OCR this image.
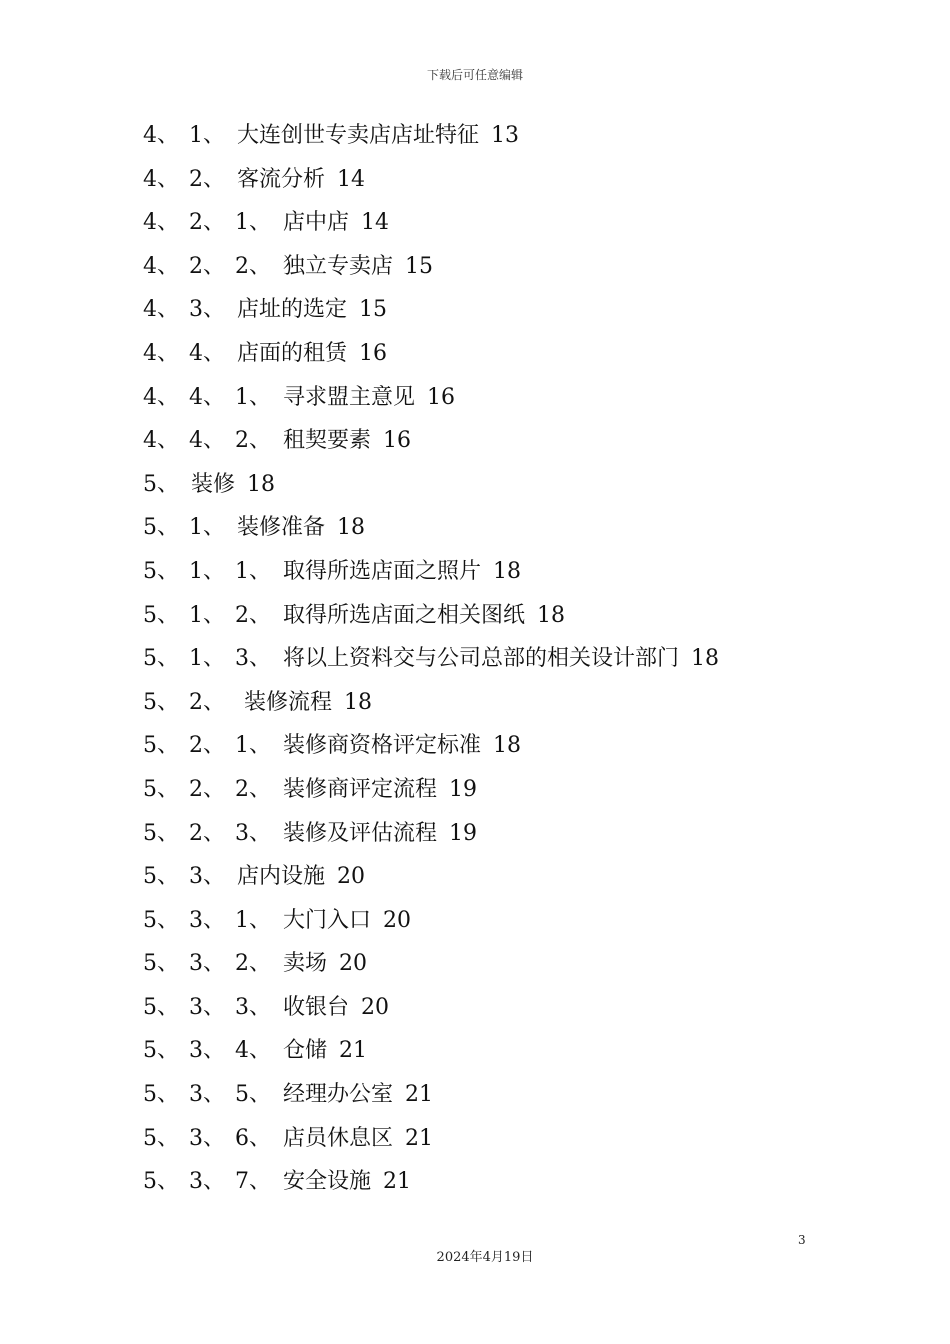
下载后可任意编辑
4、 1、 大连创世专卖店店址特征 13
4、 2、 客流分析 14
4、 2、 1、 店中店 14
4、 2、 2、 独立专卖店 15
4、 3、 店址的选定 15
4、 4、 店面的租赁 16
4、 4、 1、 寻求盟主意见 16
4、 4、 2、 租契要素 16
5、 装修 18
5、 1、 装修准备 18
5、 1、 1、 取得所选店面之照片 18
5、 1、 2、 取得所选店面之相关图纸 18
5、 1、 3、 将以上资料交与公司总部的相关设计部门 18
5、 2、 装修流程 18
5、 2、 1、 装修商资格评定标准 18
5、 2、 2、 装修商评定流程 19
5、 2、 3、 装修及评估流程 19
5、 3、 店内设施 20
5、 3、 1、 大门入口 20
5、 3、 2、 卖场 20
5、 3、 3、 收银台 20
5、 3、 4、 仓储 21
5、 3、 5、 经理办公室 21
5、 3、 6、 店员休息区 21
5、 3、 7、 安全设施 21
3
2024年4月19日
